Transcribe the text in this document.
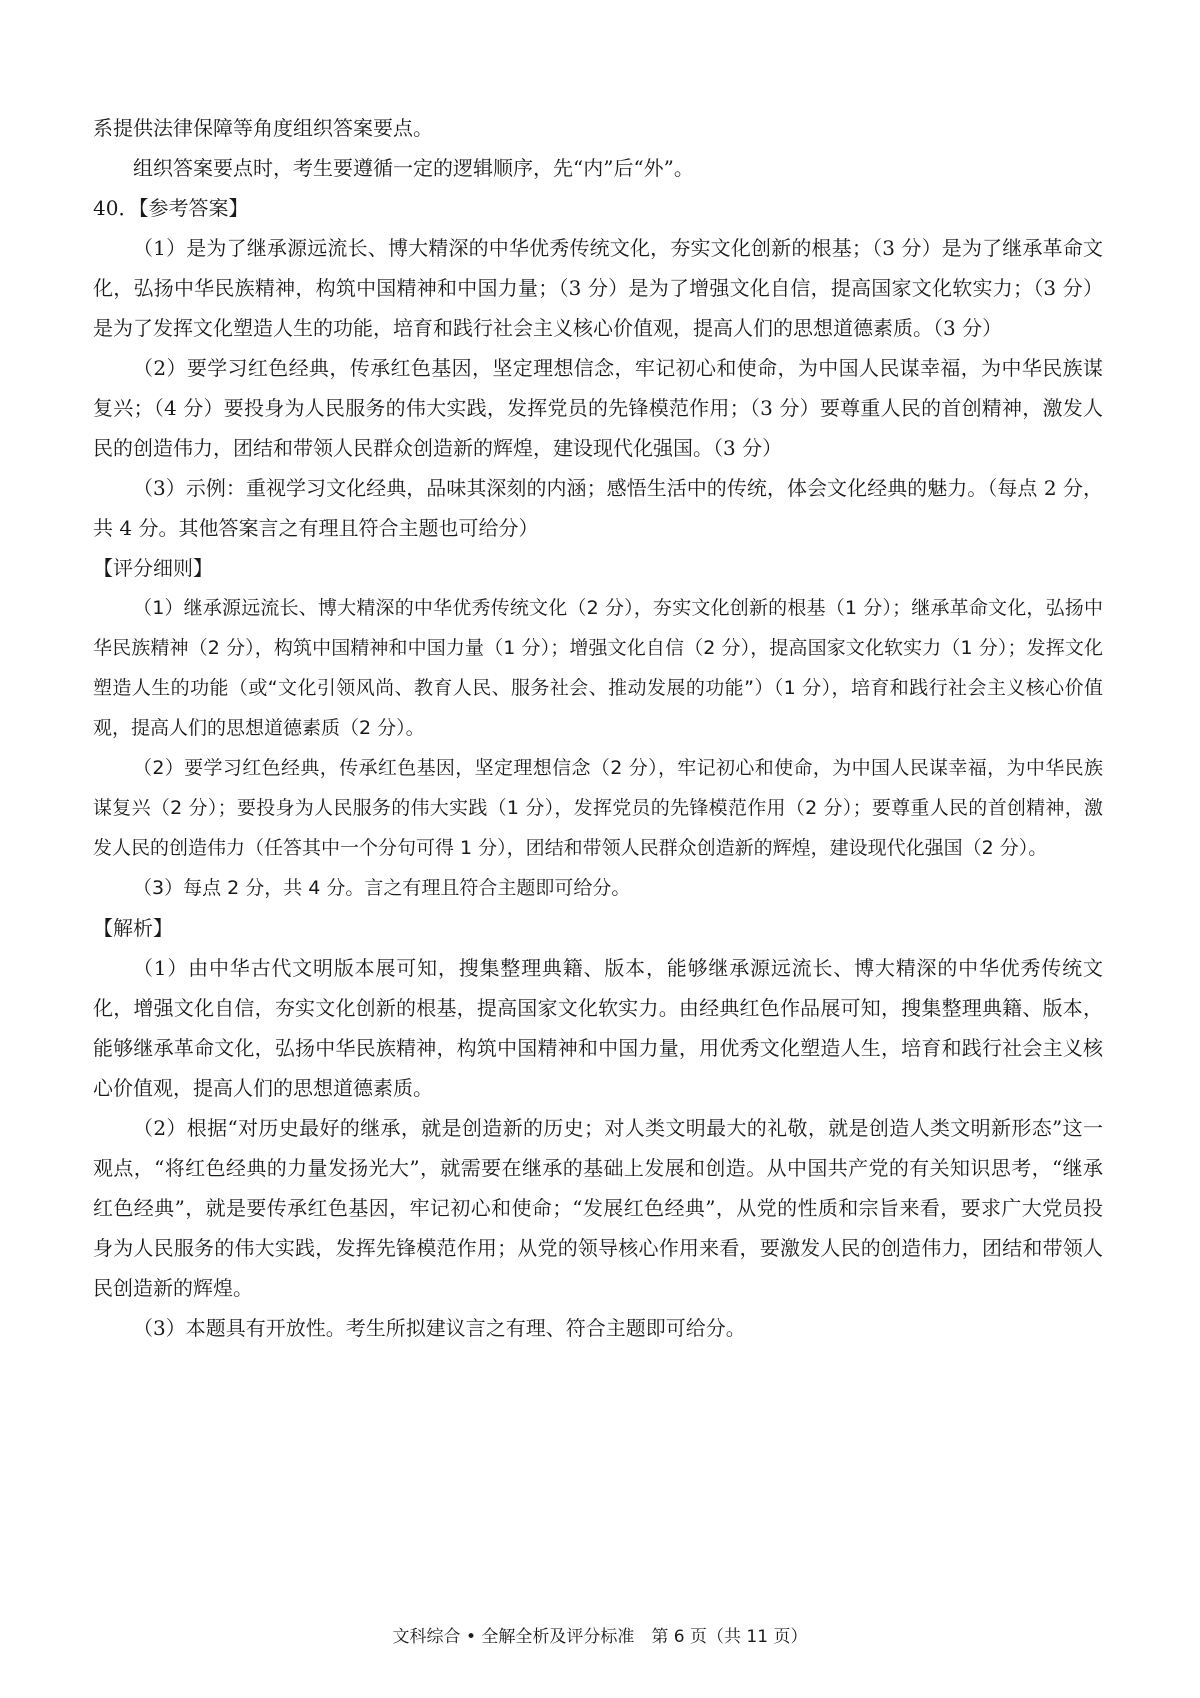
系提供法律保障等角度组织答案要点。

组织答案要点时，考生要遵循一定的逻辑顺序，先“内”后“外”。

40．【参考答案】

（1）是为了继承源远流长、博大精深的中华优秀传统文化，夯实文化创新的根基；（3 分）是为了继承革命文化，弘扬中华民族精神，构筑中国精神和中国力量；（3 分）是为了增强文化自信，提高国家文化软实力；（3 分）是为了发挥文化塑造人生的功能，培育和践行社会主义核心价值观，提高人们的思想道德素质。（3 分）

（2）要学习红色经典，传承红色基因，坚定理想信念，牢记初心和使命，为中国人民谋幸福，为中华民族谋复兴；（4 分）要投身为人民服务的伟大实践，发挥党员的先锋模范作用；（3 分）要尊重人民的首创精神，激发人民的创造伟力，团结和带领人民群众创造新的辉煌，建设现代化强国。（3 分）

（3）示例：重视学习文化经典，品味其深刻的内涵；感悟生活中的传统，体会文化经典的魅力。（每点 2 分，共 4 分。其他答案言之有理且符合主题也可给分）

【评分细则】

（1）继承源远流长、博大精深的中华优秀传统文化（2 分），夯实文化创新的根基（1 分）；继承革命文化，弘扬中华民族精神（2 分），构筑中国精神和中国力量（1 分）；增强文化自信（2 分），提高国家文化软实力（1 分）；发挥文化塑造人生的功能（或“文化引领风尚、教育人民、服务社会、推动发展的功能”）（1 分），培育和践行社会主义核心价值观，提高人们的思想道德素质（2 分）。

（2）要学习红色经典，传承红色基因，坚定理想信念（2 分），牢记初心和使命，为中国人民谋幸福，为中华民族谋复兴（2 分）；要投身为人民服务的伟大实践（1 分），发挥党员的先锋模范作用（2 分）；要尊重人民的首创精神，激发人民的创造伟力（任答其中一个分句可得 1 分），团结和带领人民群众创造新的辉煌，建设现代化强国（2 分）。

（3）每点 2 分，共 4 分。言之有理且符合主题即可给分。

【解析】

（1）由中华古代文明版本展可知，搜集整理典籍、版本，能够继承源远流长、博大精深的中华优秀传统文化，增强文化自信，夯实文化创新的根基，提高国家文化软实力。由经典红色作品展可知，搜集整理典籍、版本，能够继承革命文化，弘扬中华民族精神，构筑中国精神和中国力量，用优秀文化塑造人生，培育和践行社会主义核心价值观，提高人们的思想道德素质。

（2）根据“对历史最好的继承，就是创造新的历史；对人类文明最大的礼敬，就是创造人类文明新形态”这一观点，“将红色经典的力量发扬光大”，就需要在继承的基础上发展和创造。从中国共产党的有关知识思考，“继承红色经典”，就是要传承红色基因，牢记初心和使命；“发展红色经典”，从党的性质和宗旨来看，要求广大党员投身为人民服务的伟大实践，发挥先锋模范作用；从党的领导核心作用来看，要激发人民的创造伟力，团结和带领人民创造新的辉煌。

（3）本题具有开放性。考生所拟建议言之有理、符合主题即可给分。

文科综合 • 全解全析及评分标准　第 6 页（共 11 页）
